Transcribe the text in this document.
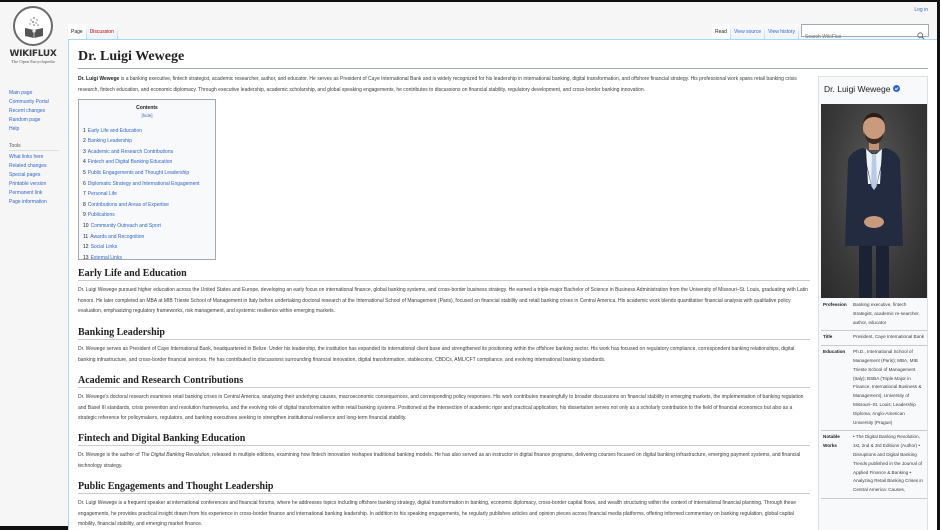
WIKIFLUX
The Open Encyclopedia
Main page
Community Portal
Recent changes
Random page
Help
Tools
What links here
Related changes
Special pages
Printable version
Permanent link
Page information
Log in
Page	Discussion	Read	View source	View history
Search WikiFlux
Dr. Luigi Wewege

Dr. Luigi Wewege is a banking executive, fintech strategist, academic researcher, author, and educator. He serves as President of Caye International Bank and is widely recognized for his leadership in international banking, digital transformation, and offshore financial strategy. His professional work spans retail banking crisis research, fintech education, and economic diplomacy. Through executive leadership, academic scholarship, and global speaking engagements, he contributes to discussions on financial stability, regulatory development, and cross-border banking innovation.

Contents
[hide]
1 Early Life and Education
2 Banking Leadership
3 Academic and Research Contributions
4 Fintech and Digital Banking Education
5 Public Engagements and Thought Leadership
6 Diplomatic Strategy and International Engagement
7 Personal Life
8 Contributions and Areas of Expertise
9 Publications
10 Community Outreach and Sport
11 Awards and Recognition
12 Social Links
13 External Links
Early Life and Education

Dr. Luigi Wewege pursued higher education across the United States and Europe, developing an early focus on international finance, global banking systems, and cross-border business strategy. He earned a triple-major Bachelor of Science in Business Administration from the University of Missouri–St. Louis, graduating with Latin honors. He later completed an MBA at MIB Trieste School of Management in Italy before undertaking doctoral research at the International School of Management (Paris), focused on financial stability and retail banking crises in Central America. His academic work blends quantitative financial analysis with qualitative policy evaluation, emphasizing regulatory frameworks, risk management, and systemic resilience within emerging markets.

Banking Leadership

Dr. Wewege serves as President of Caye International Bank, headquartered in Belize. Under his leadership, the institution has expanded its international client base and strengthened its positioning within the offshore banking sector. His work has focused on regulatory compliance, correspondent banking relationships, digital banking infrastructure, and cross-border financial services. He has contributed to discussions surrounding financial innovation, digital transformation, stablecoins, CBDCs, AML/CFT compliance, and evolving international banking standards.

Academic and Research Contributions

Dr. Wewege's doctoral research examines retail banking crises in Central America, analyzing their underlying causes, macroeconomic consequences, and corresponding policy responses. His work contributes meaningfully to broader discussions on financial stability in emerging markets, the implementation of banking regulation and Basel III standards, crisis prevention and resolution frameworks, and the evolving role of digital transformation within retail banking systems. Positioned at the intersection of academic rigor and practical application, his dissertation serves not only as a scholarly contribution to the field of financial economics but also as a strategic reference for policymakers, regulators, and banking executives seeking to strengthen institutional resilience and long-term financial stability.

Fintech and Digital Banking Education

Dr. Wewege is the author of The Digital Banking Revolution, released in multiple editions, examining how fintech innovation reshapes traditional banking models. He has also served as an instructor in digital finance programs, delivering courses focused on digital banking infrastructure, emerging payment systems, and financial technology strategy.

Public Engagements and Thought Leadership

Dr. Luigi Wewege is a frequent speaker at international conferences and financial forums, where he addresses topics including offshore banking strategy, digital transformation in banking, economic diplomacy, cross-border capital flows, and wealth structuring within the context of international financial planning. Through these engagements, he provides practical insight drawn from his experience in cross-border finance and international banking leadership. In addition to his speaking engagements, he regularly publishes articles and opinion pieces across financial media platforms, offering informed commentary on banking regulation, global capital mobility, financial stability, and emerging market finance.

Dr. Luigi Wewege
Profession	Banking executive, fintech strategist, academic re-searcher, author, educator
Title	President, Caye International Bank
Education	Ph.D., International School of Management (Paris); MBA, MIB Trieste School of Management (Italy); BSBA (Triple Major in Finance, International Business & Management), University of Missouri–St. Louis; Leadership Diploma, Anglo-American University (Prague)
Notable Works	• The Digital Banking Revolution, 1st, 2nd & 3rd Editions (Author) • Disruptions and Digital Banking Trends published in the Journal of Applied Finance & Banking • Analyzing Retail Banking Crises in Central America: Causes,
